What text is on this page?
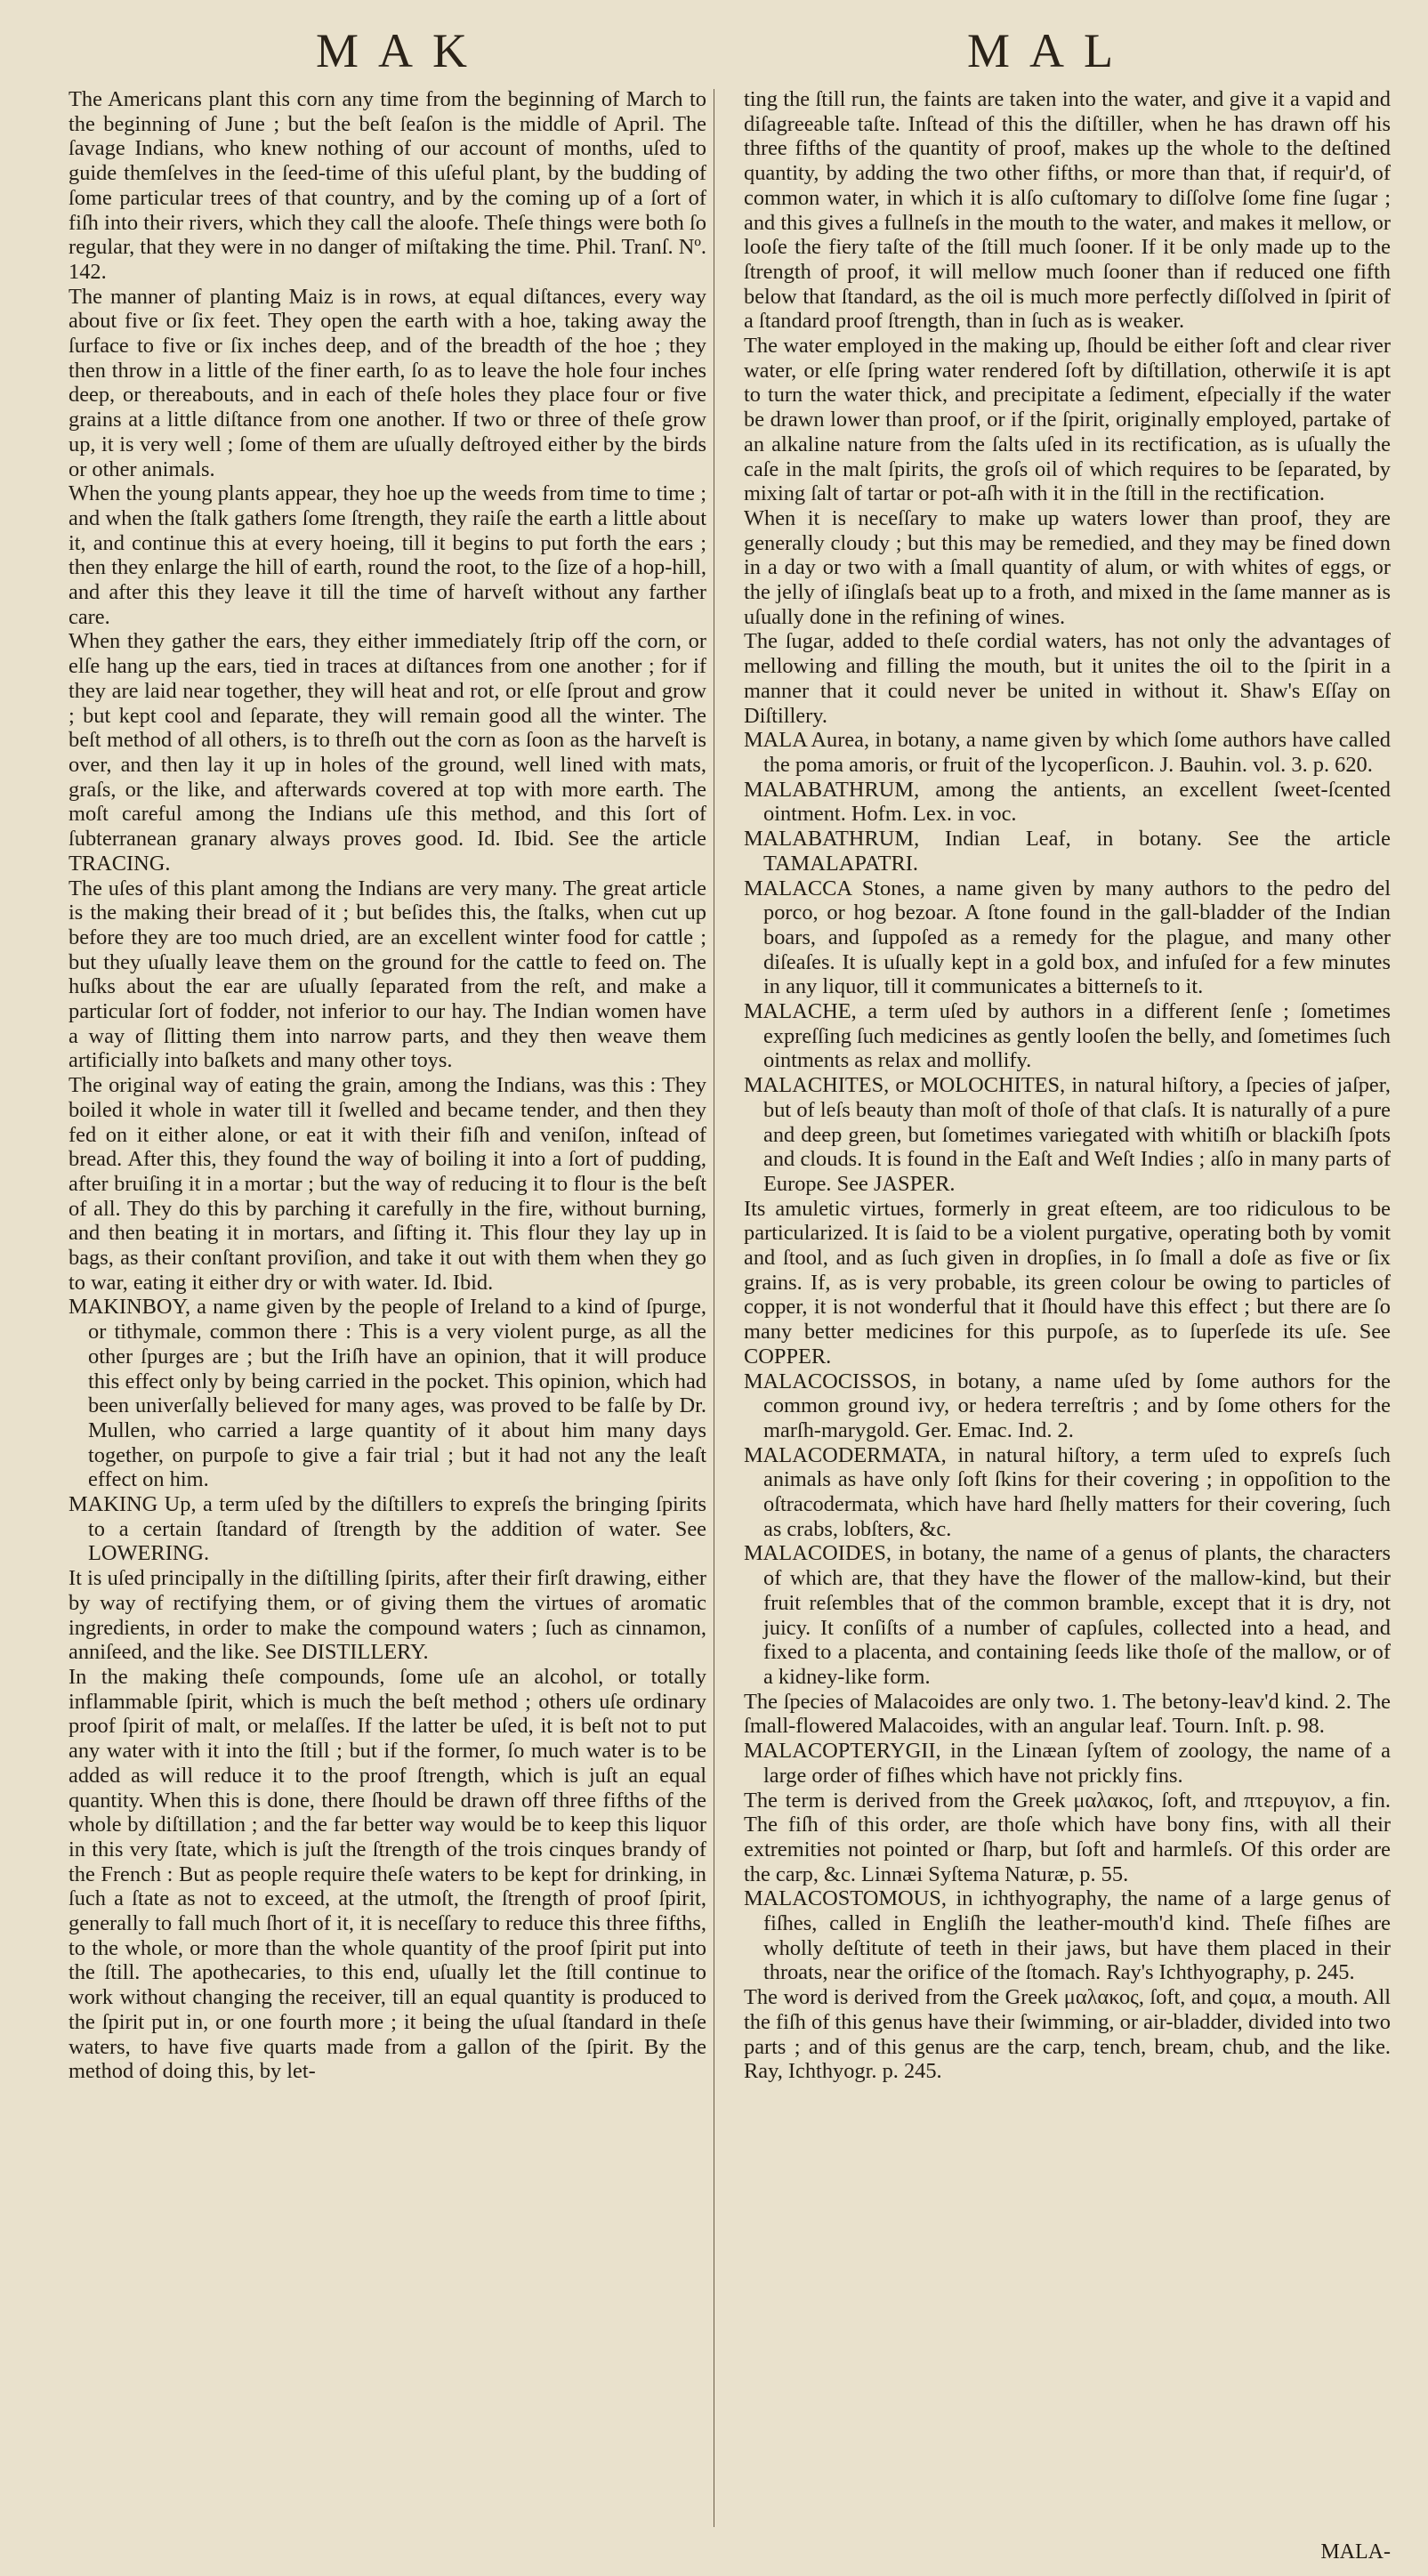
MAK	MAL

The Americans plant this corn any time from the beginning of March to the beginning of June ; but the beſt ſeaſon is the middle of April. The ſavage Indians, who knew nothing of our account of months, uſed to guide themſelves in the ſeed-time of this uſeful plant, by the budding of ſome particular trees of that country, and by the coming up of a ſort of fiſh into their rivers, which they call the aloofe. Theſe things were both ſo regular, that they were in no danger of miſtaking the time. Phil. Tranſ. Nº. 142.

The manner of planting Maiz is in rows, at equal diſtances, every way about five or ſix feet. They open the earth with a hoe, taking away the ſurface to five or ſix inches deep, and of the breadth of the hoe ; they then throw in a little of the finer earth, ſo as to leave the hole four inches deep, or thereabouts, and in each of theſe holes they place four or five grains at a little diſtance from one another. If two or three of theſe grow up, it is very well ; ſome of them are uſually deſtroyed either by the birds or other animals.

When the young plants appear, they hoe up the weeds from time to time ; and when the ſtalk gathers ſome ſtrength, they raiſe the earth a little about it, and continue this at every hoeing, till it begins to put forth the ears ; then they enlarge the hill of earth, round the root, to the ſize of a hop-hill, and after this they leave it till the time of harveſt without any farther care.

When they gather the ears, they either immediately ſtrip off the corn, or elſe hang up the ears, tied in traces at diſtances from one another ; for if they are laid near together, they will heat and rot, or elſe ſprout and grow ; but kept cool and ſeparate, they will remain good all the winter. The beſt method of all others, is to threſh out the corn as ſoon as the harveſt is over, and then lay it up in holes of the ground, well lined with mats, graſs, or the like, and afterwards covered at top with more earth. The moſt careful among the Indians uſe this method, and this ſort of ſubterranean granary always proves good. Id. Ibid. See the article TRACING.

The uſes of this plant among the Indians are very many. The great article is the making their bread of it ; but beſides this, the ſtalks, when cut up before they are too much dried, are an excellent winter food for cattle ; but they uſually leave them on the ground for the cattle to feed on. The huſks about the ear are uſually ſeparated from the reſt, and make a particular ſort of fodder, not inferior to our hay. The Indian women have a way of ſlitting them into narrow parts, and they then weave them artificially into baſkets and many other toys.

The original way of eating the grain, among the Indians, was this : They boiled it whole in water till it ſwelled and became tender, and then they fed on it either alone, or eat it with their fiſh and veniſon, inſtead of bread. After this, they found the way of boiling it into a ſort of pudding, after bruiſing it in a mortar ; but the way of reducing it to flour is the beſt of all. They do this by parching it carefully in the fire, without burning, and then beating it in mortars, and ſifting it. This flour they lay up in bags, as their conſtant proviſion, and take it out with them when they go to war, eating it either dry or with water. Id. Ibid.

MAKINBOY, a name given by the people of Ireland to a kind of ſpurge, or tithymale, common there : This is a very violent purge, as all the other ſpurges are ; but the Iriſh have an opinion, that it will produce this effect only by being carried in the pocket. This opinion, which had been univerſally believed for many ages, was proved to be falſe by Dr. Mullen, who carried a large quantity of it about him many days together, on purpoſe to give a fair trial ; but it had not any the leaſt effect on him.

MAKING Up, a term uſed by the diſtillers to expreſs the bringing ſpirits to a certain ſtandard of ſtrength by the addition of water. See LOWERING.

It is uſed principally in the diſtilling ſpirits, after their firſt drawing, either by way of rectifying them, or of giving them the virtues of aromatic ingredients, in order to make the compound waters ; ſuch as cinnamon, anniſeed, and the like. See DISTILLERY.

In the making theſe compounds, ſome uſe an alcohol, or totally inflammable ſpirit, which is much the beſt method ; others uſe ordinary proof ſpirit of malt, or melaſſes. If the latter be uſed, it is beſt not to put any water with it into the ſtill ; but if the former, ſo much water is to be added as will reduce it to the proof ſtrength, which is juſt an equal quantity. When this is done, there ſhould be drawn off three fifths of the whole by diſtillation ; and the far better way would be to keep this liquor in this very ſtate, which is juſt the ſtrength of the trois cinques brandy of the French : But as people require theſe waters to be kept for drinking, in ſuch a ſtate as not to exceed, at the utmoſt, the ſtrength of proof ſpirit, generally to fall much ſhort of it, it is neceſſary to reduce this three fifths, to the whole, or more than the whole quantity of the proof ſpirit put into the ſtill. The apothecaries, to this end, uſually let the ſtill continue to work without changing the receiver, till an equal quantity is produced to the ſpirit put in, or one fourth more ; it being the uſual ſtandard in theſe waters, to have five quarts made from a gallon of the ſpirit. By the method of doing this, by let-

ting the ſtill run, the faints are taken into the water, and give it a vapid and diſagreeable taſte. Inſtead of this the diſtiller, when he has drawn off his three fifths of the quantity of proof, makes up the whole to the deſtined quantity, by adding the two other fifths, or more than that, if requir'd, of common water, in which it is alſo cuſtomary to diſſolve ſome fine ſugar ; and this gives a fullneſs in the mouth to the water, and makes it mellow, or looſe the fiery taſte of the ſtill much ſooner. If it be only made up to the ſtrength of proof, it will mellow much ſooner than if reduced one fifth below that ſtandard, as the oil is much more perfectly diſſolved in ſpirit of a ſtandard proof ſtrength, than in ſuch as is weaker.

The water employed in the making up, ſhould be either ſoft and clear river water, or elſe ſpring water rendered ſoft by diſtillation, otherwiſe it is apt to turn the water thick, and precipitate a ſediment, eſpecially if the water be drawn lower than proof, or if the ſpirit, originally employed, partake of an alkaline nature from the ſalts uſed in its rectification, as is uſually the caſe in the malt ſpirits, the groſs oil of which requires to be ſeparated, by mixing ſalt of tartar or pot-aſh with it in the ſtill in the rectification.

When it is neceſſary to make up waters lower than proof, they are generally cloudy ; but this may be remedied, and they may be fined down in a day or two with a ſmall quantity of alum, or with whites of eggs, or the jelly of iſinglaſs beat up to a froth, and mixed in the ſame manner as is uſually done in the refining of wines.

The ſugar, added to theſe cordial waters, has not only the advantages of mellowing and filling the mouth, but it unites the oil to the ſpirit in a manner that it could never be united in without it. Shaw's Eſſay on Diſtillery.

MALA Aurea, in botany, a name given by which ſome authors have called the poma amoris, or fruit of the lycoperſicon. J. Bauhin. vol. 3. p. 620.

MALABATHRUM, among the antients, an excellent ſweet-ſcented ointment. Hofm. Lex. in voc.

MALABATHRUM, Indian Leaf, in botany. See the article TAMALAPATRI.

MALACCA Stones, a name given by many authors to the pedro del porco, or hog bezoar. A ſtone found in the gall-bladder of the Indian boars, and ſuppoſed as a remedy for the plague, and many other diſeaſes. It is uſually kept in a gold box, and infuſed for a few minutes in any liquor, till it communicates a bitterneſs to it.

MALACHE, a term uſed by authors in a different ſenſe ; ſometimes expreſſing ſuch medicines as gently looſen the belly, and ſometimes ſuch ointments as relax and mollify.

MALACHITES, or MOLOCHITES, in natural hiſtory, a ſpecies of jaſper, but of leſs beauty than moſt of thoſe of that claſs. It is naturally of a pure and deep green, but ſometimes variegated with whitiſh or blackiſh ſpots and clouds. It is found in the Eaſt and Weſt Indies ; alſo in many parts of Europe. See JASPER.

Its amuletic virtues, formerly in great eſteem, are too ridiculous to be particularized. It is ſaid to be a violent purgative, operating both by vomit and ſtool, and as ſuch given in dropſies, in ſo ſmall a doſe as five or ſix grains. If, as is very probable, its green colour be owing to particles of copper, it is not wonderful that it ſhould have this effect ; but there are ſo many better medicines for this purpoſe, as to ſuperſede its uſe. See COPPER.

MALACOCISSOS, in botany, a name uſed by ſome authors for the common ground ivy, or hedera terreſtris ; and by ſome others for the marſh-marygold. Ger. Emac. Ind. 2.

MALACODERMATA, in natural hiſtory, a term uſed to expreſs ſuch animals as have only ſoft ſkins for their covering ; in oppoſition to the oſtracodermata, which have hard ſhelly matters for their covering, ſuch as crabs, lobſters, &c.

MALACOIDES, in botany, the name of a genus of plants, the characters of which are, that they have the flower of the mallow-kind, but their fruit reſembles that of the common bramble, except that it is dry, not juicy. It conſiſts of a number of capſules, collected into a head, and fixed to a placenta, and containing ſeeds like thoſe of the mallow, or of a kidney-like form.

The ſpecies of Malacoides are only two. 1. The betony-leav'd kind. 2. The ſmall-flowered Malacoides, with an angular leaf. Tourn. Inſt. p. 98.

MALACOPTERYGII, in the Linæan ſyſtem of zoology, the name of a large order of fiſhes which have not prickly fins.

The term is derived from the Greek μαλακος, ſoft, and πτερυγιον, a fin. The fiſh of this order, are thoſe which have bony fins, with all their extremities not pointed or ſharp, but ſoft and harmleſs. Of this order are the carp, &c. Linnæi Syſtema Naturæ, p. 55.

MALACOSTOMOUS, in ichthyography, the name of a large genus of fiſhes, called in Engliſh the leather-mouth'd kind. Theſe fiſhes are wholly deſtitute of teeth in their jaws, but have them placed in their throats, near the orifice of the ſtomach. Ray's Ichthyography, p. 245.

The word is derived from the Greek μαλακος, ſoft, and ςομα, a mouth. All the fiſh of this genus have their ſwimming, or air-bladder, divided into two parts ; and of this genus are the carp, tench, bream, chub, and the like. Ray, Ichthyogr. p. 245.

MALA-
